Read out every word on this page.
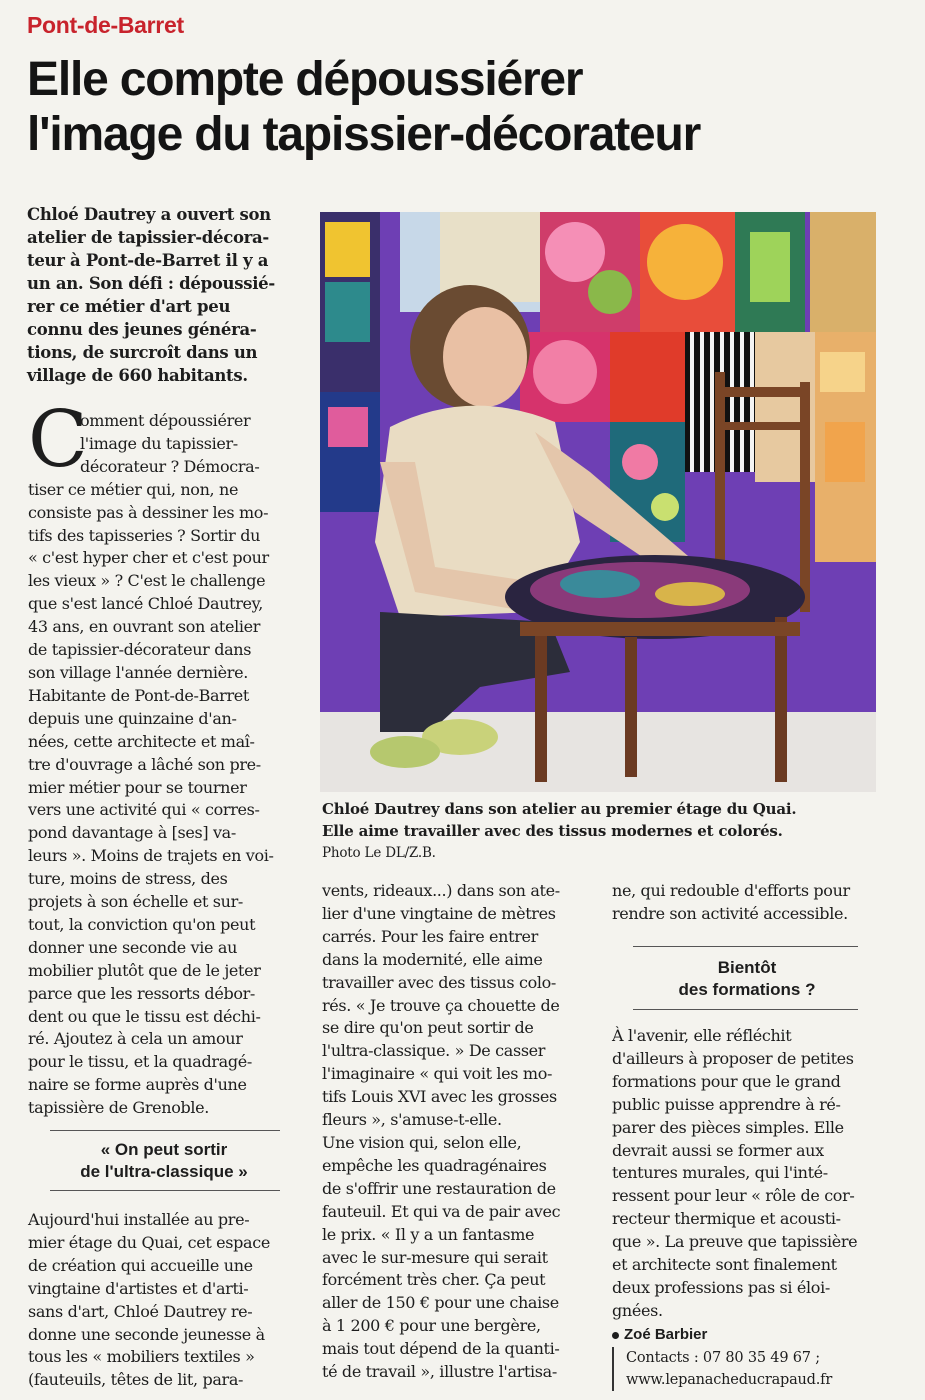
Pont-de-Barret
Elle compte dépoussiérer
l'image du tapissier-décorateur
Chloé Dautrey a ouvert son
atelier de tapissier-décora-
teur à Pont-de-Barret il y a
un an. Son défi : dépoussié-
rer ce métier d'art peu
connu des jeunes généra-
tions, de surcroît dans un
village de 660 habitants.
C
omment dépoussiérer
l'image du tapissier-
décorateur ? Démocra-
tiser ce métier qui, non, ne
consiste pas à dessiner les mo-
tifs des tapisseries ? Sortir du
« c'est hyper cher et c'est pour
les vieux » ? C'est le challenge
que s'est lancé Chloé Dautrey,
43 ans, en ouvrant son atelier
de tapissier-décorateur dans
son village l'année dernière.
Habitante de Pont-de-Barret
depuis une quinzaine d'an-
nées, cette architecte et maî-
tre d'ouvrage a lâché son pre-
mier métier pour se tourner
vers une activité qui « corres-
pond davantage à [ses] va-
leurs ». Moins de trajets en voi-
ture, moins de stress, des
projets à son échelle et sur-
tout, la conviction qu'on peut
donner une seconde vie au
mobilier plutôt que de le jeter
parce que les ressorts débor-
dent ou que le tissu est déchi-
ré. Ajoutez à cela un amour
pour le tissu, et la quadragé-
naire se forme auprès d'une
tapissière de Grenoble.
« On peut sortir
de l'ultra-classique »
Aujourd'hui installée au pre-
mier étage du Quai, cet espace
de création qui accueille une
vingtaine d'artistes et d'arti-
sans d'art, Chloé Dautrey re-
donne une seconde jeunesse à
tous les « mobiliers textiles »
(fauteuils, têtes de lit, para-
Chloé Dautrey dans son atelier au premier étage du Quai.
Elle aime travailler avec des tissus modernes et colorés.
Photo Le DL/Z.B.
vents, rideaux...) dans son ate-
lier d'une vingtaine de mètres
carrés. Pour les faire entrer
dans la modernité, elle aime
travailler avec des tissus colo-
rés. « Je trouve ça chouette de
se dire qu'on peut sortir de
l'ultra-classique. » De casser
l'imaginaire « qui voit les mo-
tifs Louis XVI avec les grosses
fleurs », s'amuse-t-elle.
Une vision qui, selon elle,
empêche les quadragénaires
de s'offrir une restauration de
fauteuil. Et qui va de pair avec
le prix. « Il y a un fantasme
avec le sur-mesure qui serait
forcément très cher. Ça peut
aller de 150 € pour une chaise
à 1 200 € pour une bergère,
mais tout dépend de la quanti-
té de travail », illustre l'artisa-
ne, qui redouble d'efforts pour
rendre son activité accessible.
Bientôt
des formations ?
À l'avenir, elle réfléchit
d'ailleurs à proposer de petites
formations pour que le grand
public puisse apprendre à ré-
parer des pièces simples. Elle
devrait aussi se former aux
tentures murales, qui l'inté-
ressent pour leur « rôle de cor-
recteur thermique et acousti-
que ». La preuve que tapissière
et architecte sont finalement
deux professions pas si éloi-
gnées.
Zoé Barbier
Contacts : 07 80 35 49 67 ;
www.lepanacheducrapaud.fr
